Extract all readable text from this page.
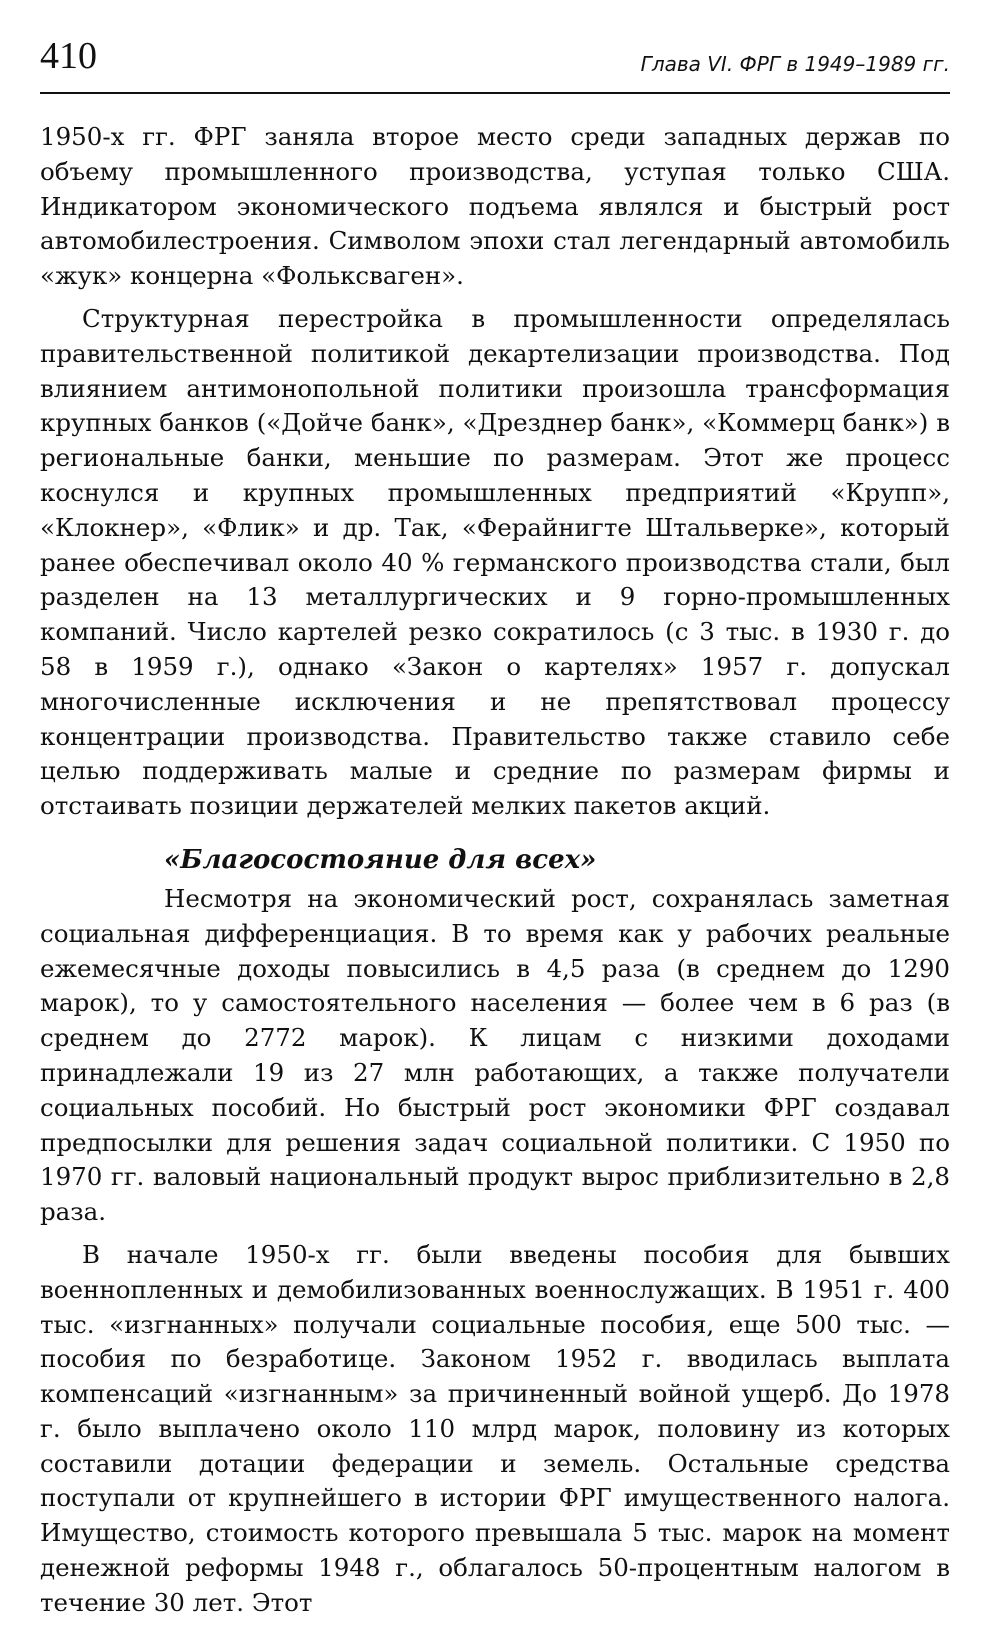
410	Глава VI. ФРГ в 1949–1989 гг.

1950-х гг. ФРГ заняла второе место среди западных держав по объему промышленного производства, уступая только США. Индикатором экономического подъема являлся и быстрый рост автомобилестроения. Символом эпохи стал легендарный автомобиль «жук» концерна «Фольксваген».

Структурная перестройка в промышленности определялась правительственной политикой декартелизации производства. Под влиянием антимонопольной политики произошла трансформация крупных банков («Дойче банк», «Дрезднер банк», «Коммерц банк») в региональные банки, меньшие по размерам. Этот же процесс коснулся и крупных промышленных предприятий «Крупп», «Клокнер», «Флик» и др. Так, «Ферайнигте Штальверке», который ранее обеспечивал около 40 % германского производства стали, был разделен на 13 металлургических и 9 горно-промышленных компаний. Число картелей резко сократилось (с 3 тыс. в 1930 г. до 58 в 1959 г.), однако «Закон о картелях» 1957 г. допускал многочисленные исключения и не препятствовал процессу концентрации производства. Правительство также ставило себе целью поддерживать малые и средние по размерам фирмы и отстаивать позиции держателей мелких пакетов акций.

«Благосостояние для всех»

Несмотря на экономический рост, сохранялась заметная социальная дифференциация. В то время как у рабочих реальные ежемесячные доходы повысились в 4,5 раза (в среднем до 1290 марок), то у самостоятельного населения — более чем в 6 раз (в среднем до 2772 марок). К лицам с низкими доходами принадлежали 19 из 27 млн работающих, а также получатели социальных пособий. Но быстрый рост экономики ФРГ создавал предпосылки для решения задач социальной политики. С 1950 по 1970 гг. валовый национальный продукт вырос приблизительно в 2,8 раза.

В начале 1950-х гг. были введены пособия для бывших военнопленных и демобилизованных военнослужащих. В 1951 г. 400 тыс. «изгнанных» получали социальные пособия, еще 500 тыс. — пособия по безработице. Законом 1952 г. вводилась выплата компенсаций «изгнанным» за причиненный войной ущерб. До 1978 г. было выплачено около 110 млрд марок, половину из которых составили дотации федерации и земель. Остальные средства поступали от крупнейшего в истории ФРГ имущественного налога. Имущество, стоимость которого превышала 5 тыс. марок на момент денежной реформы 1948 г., облагалось 50-процентным налогом в течение 30 лет. Этот
